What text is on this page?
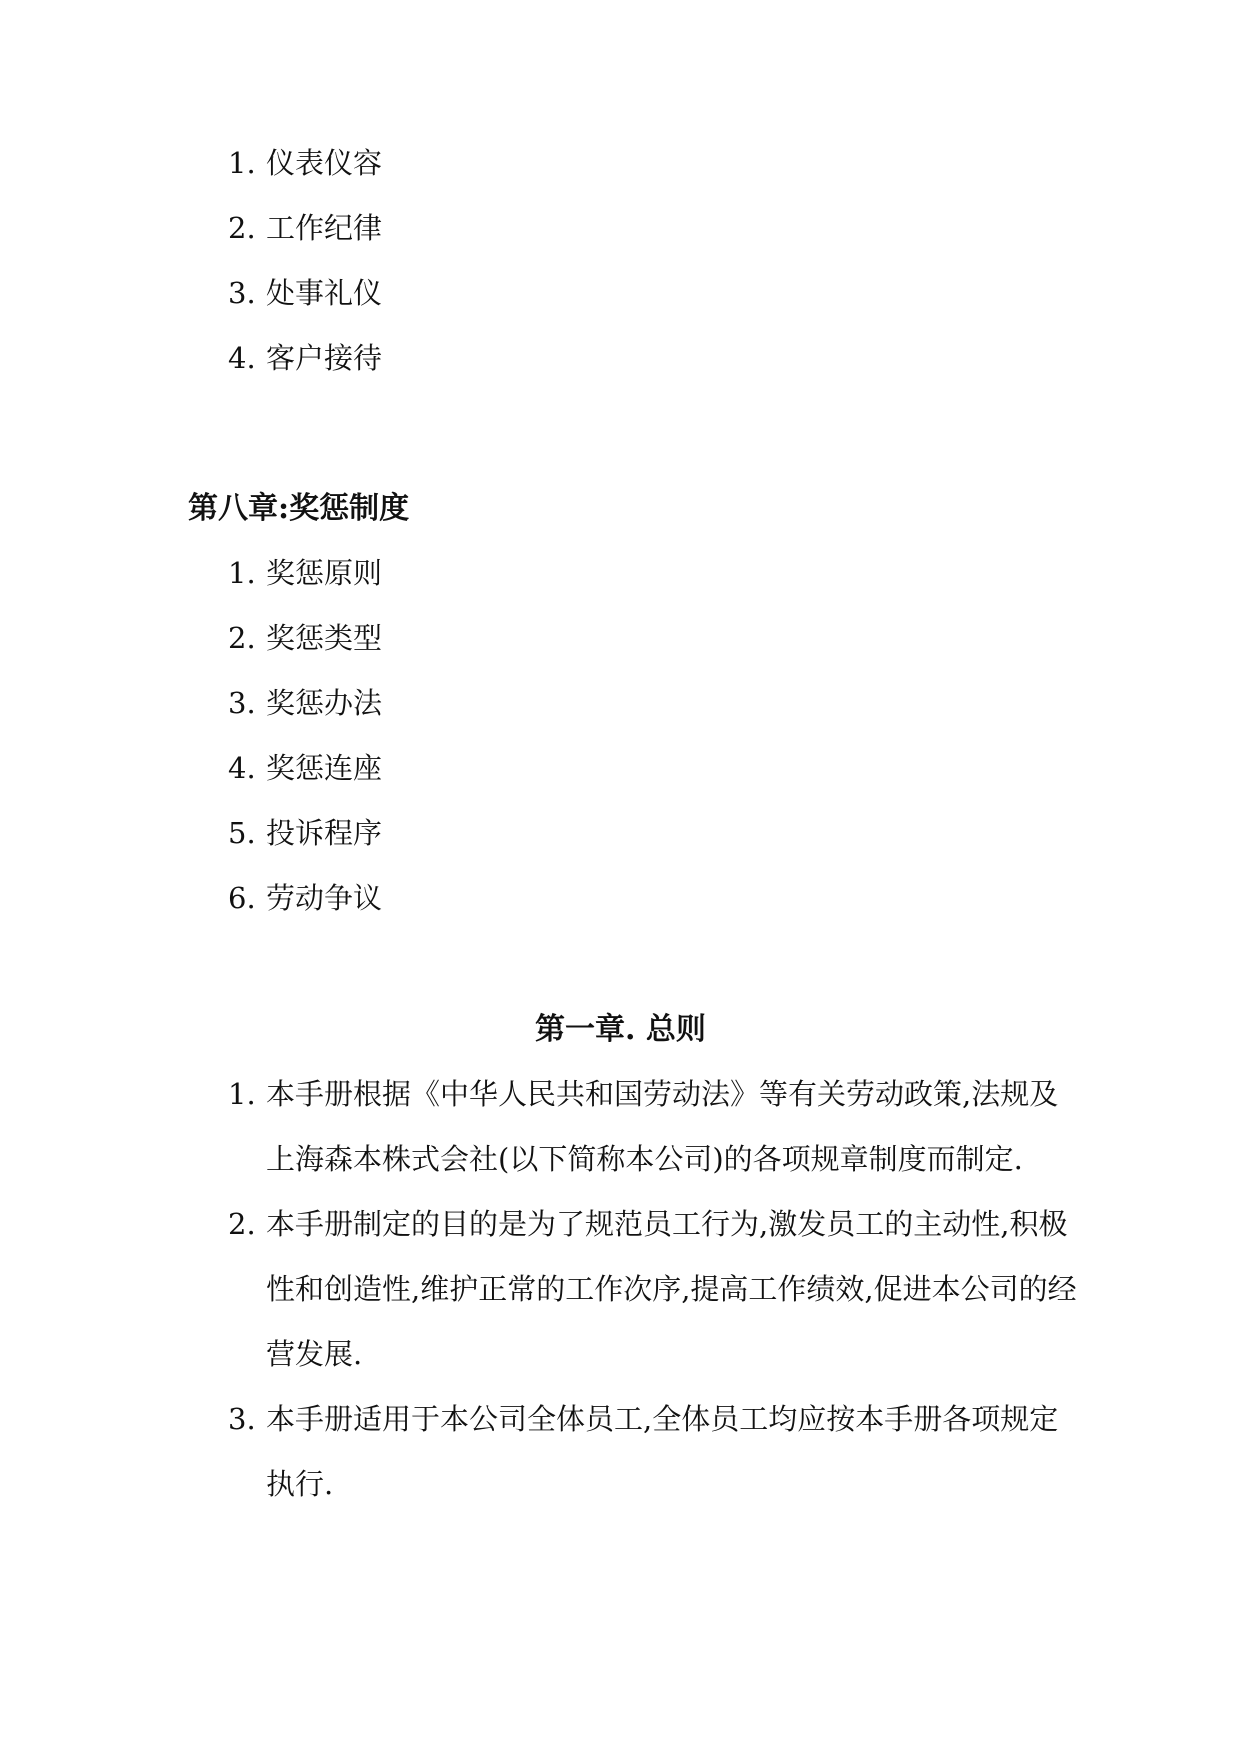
1. 仪表仪容
2. 工作纪律
3. 处事礼仪
4. 客户接待
第八章:奖惩制度
1. 奖惩原则
2. 奖惩类型
3. 奖惩办法
4. 奖惩连座
5. 投诉程序
6. 劳动争议
第一章. 总则
1. 本手册根据《中华人民共和国劳动法》等有关劳动政策,法规及上海森本株式会社(以下简称本公司)的各项规章制度而制定.
2. 本手册制定的目的是为了规范员工行为,激发员工的主动性,积极性和创造性,维护正常的工作次序,提高工作绩效,促进本公司的经营发展.
3. 本手册适用于本公司全体员工,全体员工均应按本手册各项规定执行.
